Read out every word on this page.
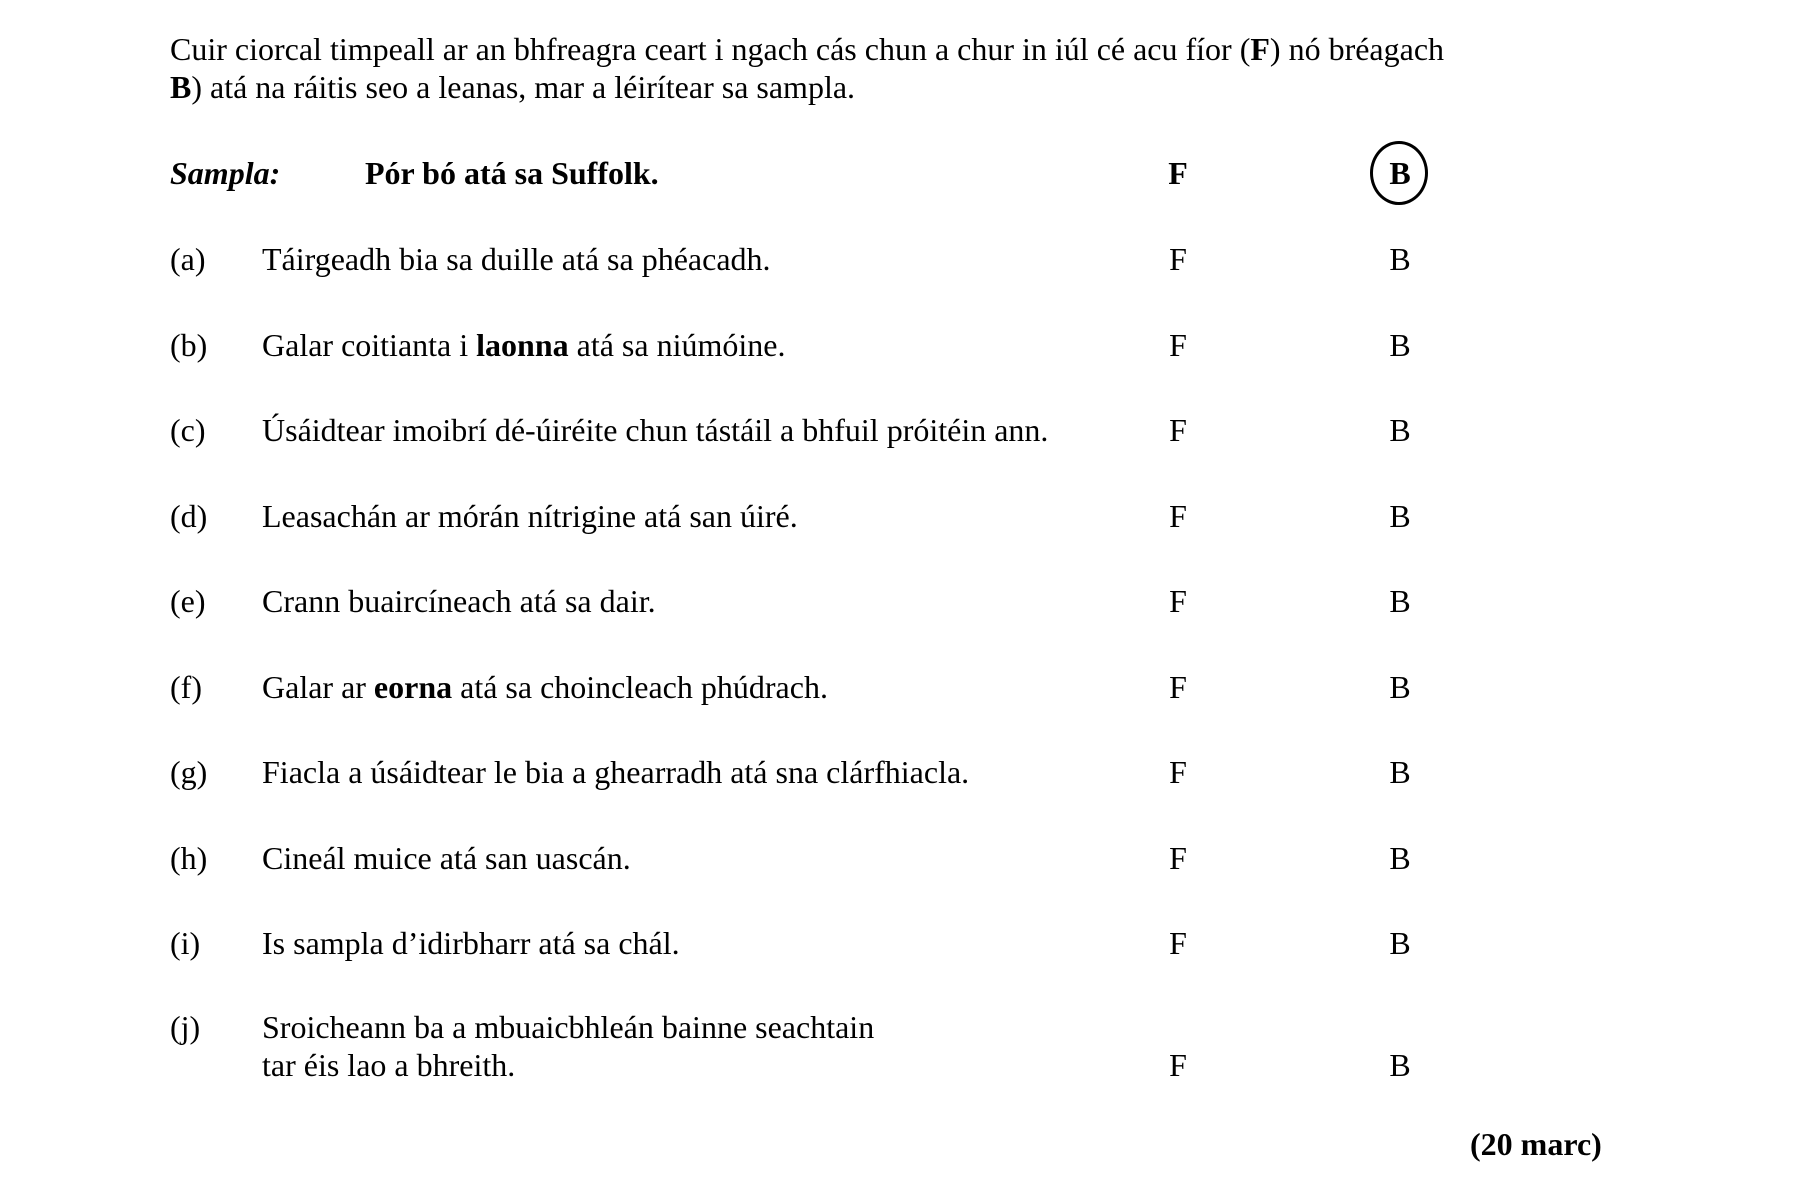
Cuir ciorcal timpeall ar an bhfreagra ceart i ngach cás chun a chur in iúl cé acu fíor (F) nó bréagach
B) atá na ráitis seo a leanas, mar a léirítear sa sampla.
Sampla:	Pór bó atá sa Suffolk.	F	B
(a) Táirgeadh bia sa duille atá sa phéacadh.	F	B
(b) Galar coitianta i laonna atá sa niúmóine.	F	B
(c) Úsáidtear imoibrí dé-úiréite chun tástáil a bhfuil próitéin ann.	F	B
(d) Leasachán ar mórán nítrigine atá san úiré.	F	B
(e) Crann buaircíneach atá sa dair.	F	B
(f) Galar ar eorna atá sa choincleach phúdrach.	F	B
(g) Fiacla a úsáidtear le bia a ghearradh atá sna clárfhiacla.	F	B
(h) Cineál muice atá san uascán.	F	B
(i) Is sampla d’idirbharr atá sa chál.	F	B
(j) Sroicheann ba a mbuaicbhleán bainne seachtain
tar éis lao a bhreith.	F	B
(20 marc)
